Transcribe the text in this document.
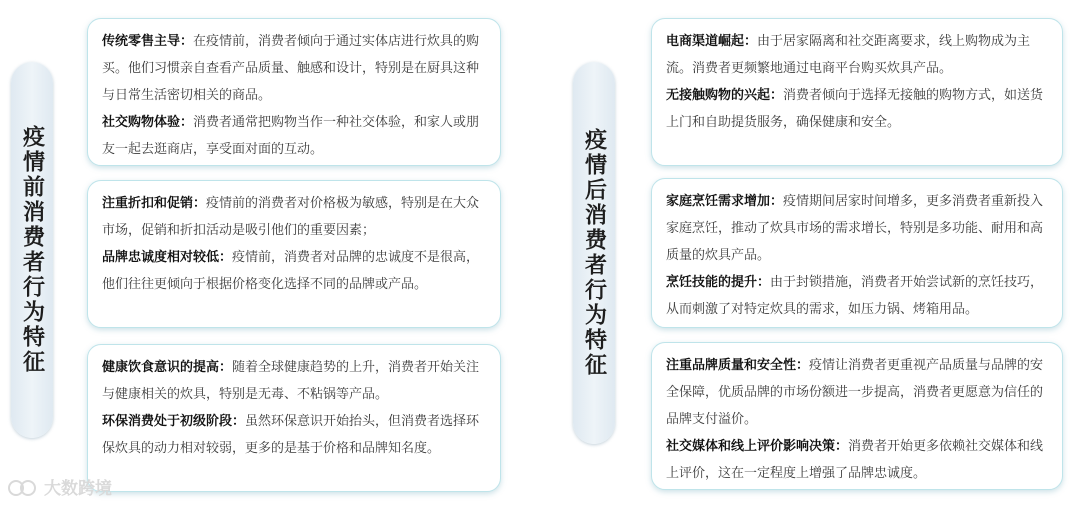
疫情前消费者行为特征	疫情后消费者行为特征

传统零售主导：在疫情前，消费者倾向于通过实体店进行炊具的购买。他们习惯亲自查看产品质量、触感和设计，特别是在厨具这种与日常生活密切相关的商品。

社交购物体验：消费者通常把购物当作一种社交体验，和家人或朋友一起去逛商店，享受面对面的互动。

注重折扣和促销：疫情前的消费者对价格极为敏感，特别是在大众市场，促销和折扣活动是吸引他们的重要因素；

品牌忠诚度相对较低：疫情前，消费者对品牌的忠诚度不是很高，他们往往更倾向于根据价格变化选择不同的品牌或产品。

健康饮食意识的提高：随着全球健康趋势的上升，消费者开始关注与健康相关的炊具，特别是无毒、不粘锅等产品。

环保消费处于初级阶段：虽然环保意识开始抬头，但消费者选择环保炊具的动力相对较弱，更多的是基于价格和品牌知名度。

电商渠道崛起：由于居家隔离和社交距离要求，线上购物成为主流。消费者更频繁地通过电商平台购买炊具产品。

无接触购物的兴起：消费者倾向于选择无接触的购物方式，如送货上门和自助提货服务，确保健康和安全。

家庭烹饪需求增加：疫情期间居家时间增多，更多消费者重新投入家庭烹饪，推动了炊具市场的需求增长，特别是多功能、耐用和高质量的炊具产品。

烹饪技能的提升：由于封锁措施，消费者开始尝试新的烹饪技巧，从而刺激了对特定炊具的需求，如压力锅、烤箱用品。

注重品牌质量和安全性：疫情让消费者更重视产品质量与品牌的安全保障，优质品牌的市场份额进一步提高，消费者更愿意为信任的品牌支付溢价。

社交媒体和线上评价影响决策：消费者开始更多依赖社交媒体和线上评价，这在一定程度上增强了品牌忠诚度。

大数跨境
